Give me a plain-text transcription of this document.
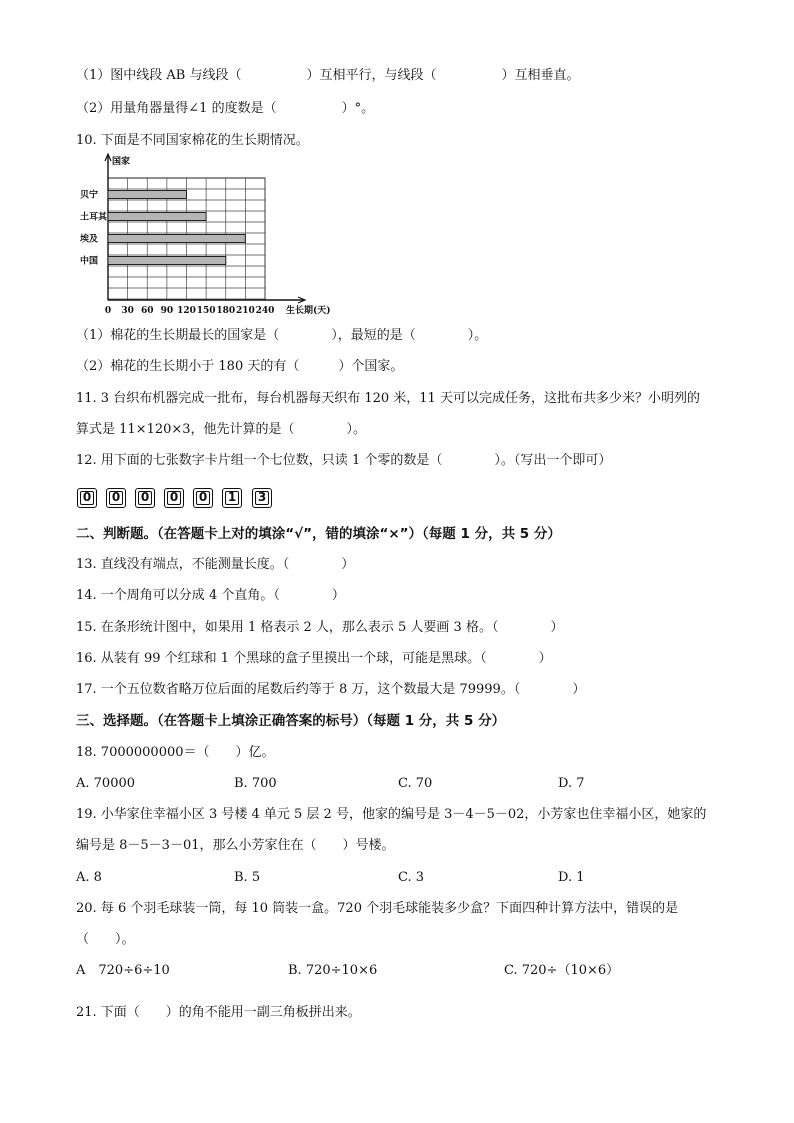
（1）图中线段 AB 与线段（　　　　　）互相平行，与线段（　　　　　）互相垂直。
（2）用量角器量得∠1 的度数是（　　　　　）°。
10. 下面是不同国家棉花的生长期情况。
贝宁
土耳其
埃及
中国
0 30 60 90 120 150 180 210 240
国家
生长期(天)
（1）棉花的生长期最长的国家是（　　　　），最短的是（　　　　）。
（2）棉花的生长期小于 180 天的有（　　　）个国家。
11. 3 台织布机器完成一批布，每台机器每天织布 120 米，11 天可以完成任务，这批布共多少米？小明列的
算式是 11×120×3，他先计算的是（　　　　）。
12. 用下面的七张数字卡片组一个七位数，只读 1 个零的数是（　　　　）。（写出一个即可）
0	0	0	0	0	1	3
二、判断题。（在答题卡上对的填涂“√”，错的填涂“×”）（每题 1 分，共 5 分）
13. 直线没有端点，不能测量长度。（　　　　）
14. 一个周角可以分成 4 个直角。（　　　　）
15. 在条形统计图中，如果用 1 格表示 2 人，那么表示 5 人要画 3 格。（　　　　）
16. 从装有 99 个红球和 1 个黑球的盒子里摸出一个球，可能是黑球。（　　　　）
17. 一个五位数省略万位后面的尾数后约等于 8 万，这个数最大是 79999。（　　　　）
三、选择题。（在答题卡上填涂正确答案的标号）（每题 1 分，共 5 分）
18. 7000000000＝（　　）亿。
A. 70000	B. 700	C. 70	D. 7
19. 小华家住幸福小区 3 号楼 4 单元 5 层 2 号，他家的编号是 3－4－5－02，小芳家也住幸福小区，她家的
编号是 8－5－3－01，那么小芳家住在（　　）号楼。
A. 8	B. 5	C. 3	D. 1
20. 每 6 个羽毛球装一筒，每 10 筒装一盒。720 个羽毛球能装多少盒？下面四种计算方法中，错误的是
（　　）。
A　720÷6÷10	B. 720÷10×6	C. 720÷（10×6）
21. 下面（　　）的角不能用一副三角板拼出来。
